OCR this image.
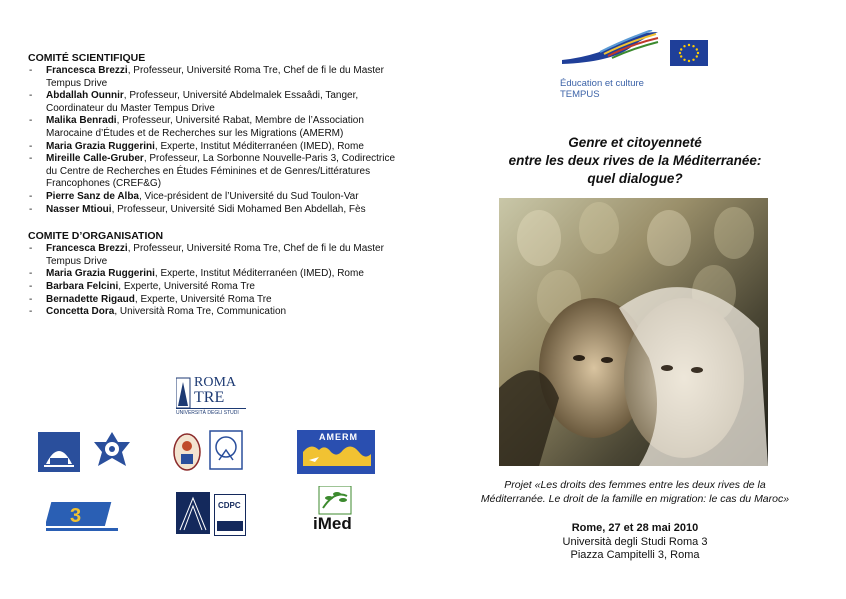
COMITÉ SCIENTIFIQUE
- Francesca Brezzi, Professeur, Université Roma Tre, Chef de fi le du Master Tempus Drive
- Abdallah Ounnir, Professeur, Université Abdelmalek Essaâdi, Tanger, Coordinateur du Master Tempus Drive
- Malika Benradi, Professeur, Université Rabat, Membre de l’Association Marocaine d’Études et de Recherches sur les Migrations (AMERM)
- Maria Grazia Ruggerini, Experte, Institut Méditerranéen (IMED), Rome
- Mireille Calle-Gruber, Professeur, La Sorbonne Nouvelle-Paris 3, Codirectrice du Centre de Recherches en Études Féminines et de Genres/Littératures Francophones (CREF&G)
- Pierre Sanz de Alba, Vice-président de l’Université du Sud Toulon-Var
- Nasser Mtioui, Professeur, Université Sidi Mohamed Ben Abdellah, Fès
COMITE D’ORGANISATION
- Francesca Brezzi, Professeur, Université Roma Tre, Chef de fi le du Master Tempus Drive
- Maria Grazia Ruggerini, Experte, Institut Méditerranéen (IMED), Rome
- Barbara Felcini, Experte, Université Roma Tre
- Bernadette Rigaud, Experte, Université Roma Tre
- Concetta Dora, Università Roma Tre, Communication
ROMA
TRE
UNIVERSITÀ DEGLI STUDI
AMERM
3	CDPC
iMed
Éducation et culture
TEMPUS
Genre et citoyenneté
entre les deux rives de la Méditerranée:
quel dialogue?
Projet «Les droits des femmes entre les deux rives de la
Méditerranée. Le droit de la famille en migration: le cas du Maroc»
Rome, 27 et 28 mai 2010
Università degli Studi Roma 3
Piazza Campitelli 3, Roma
